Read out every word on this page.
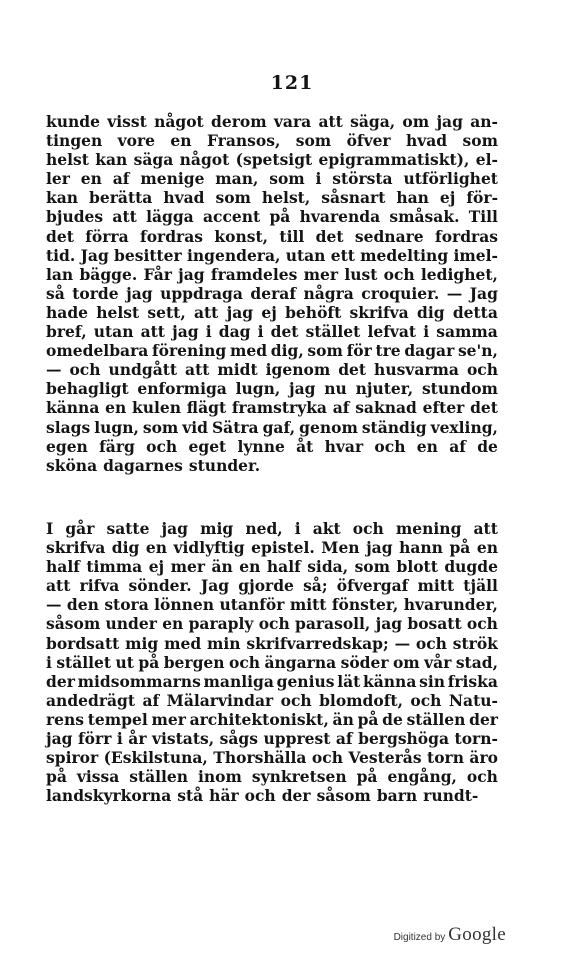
121
kunde visst något derom vara att säga, om jag an-
tingen vore en Fransos, som öfver hvad som
helst kan säga något (spetsigt epigrammatiskt), el-
ler en af menige man, som i största utförlighet
kan berätta hvad som helst, såsnart han ej för-
bjudes att lägga accent på hvarenda småsak. Till
det förra fordras konst, till det sednare fordras
tid. Jag besitter ingendera, utan ett medelting imel-
lan bägge. Får jag framdeles mer lust och ledighet,
så torde jag uppdraga deraf några croquier. — Jag
hade helst sett, att jag ej behöft skrifva dig detta
bref, utan att jag i dag i det stället lefvat i samma
omedelbara förening med dig, som för tre dagar se'n,
— och undgått att midt igenom det husvarma och
behagligt enformiga lugn, jag nu njuter, stundom
känna en kulen flägt framstryka af saknad efter det
slags lugn, som vid Sätra gaf, genom ständig vexling,
egen färg och eget lynne åt hvar och en af de
sköna dagarnes stunder.
I går satte jag mig ned, i akt och mening att
skrifva dig en vidlyftig epistel. Men jag hann på en
half timma ej mer än en half sida, som blott dugde
att rifva sönder. Jag gjorde så; öfvergaf mitt tjäll
— den stora lönnen utanför mitt fönster, hvarunder,
såsom under en paraply och parasoll, jag bosatt och
bordsatt mig med min skrifvarredskap; — och strök
i stället ut på bergen och ängarna söder om vår stad,
der midsommarns manliga genius lät känna sin friska
andedrägt af Mälarvindar och blomdoft, och Natu-
rens tempel mer architektoniskt, än på de ställen der
jag förr i år vistats, sågs upprest af bergshöga torn-
spiror (Eskilstuna, Thorshälla och Vesterås torn äro
på vissa ställen inom synkretsen på engång, och
landskyrkorna stå här och der såsom barn rundt-
Digitized by Google
